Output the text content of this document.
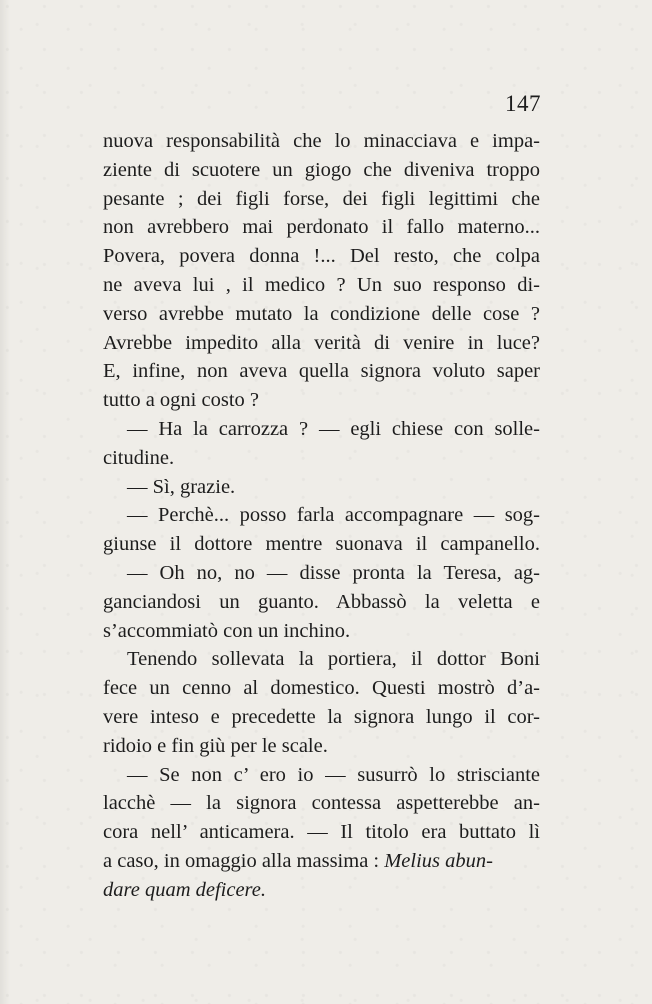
147
nuova responsabilità che lo minacciava e impa-
ziente di scuotere un giogo che diveniva troppo
pesante ; dei figli forse, dei figli legittimi che
non avrebbero mai perdonato il fallo materno...
Povera, povera donna !... Del resto, che colpa
ne aveva lui , il medico ? Un suo responso di-
verso avrebbe mutato la condizione delle cose ?
Avrebbe impedito alla verità di venire in luce?
E, infine, non aveva quella signora voluto saper
tutto a ogni costo ?
— Ha la carrozza ? — egli chiese con solle-
citudine.
— Sì, grazie.
— Perchè... posso farla accompagnare — sog-
giunse il dottore mentre suonava il campanello.
— Oh no, no — disse pronta la Teresa, ag-
ganciandosi un guanto. Abbassò la veletta e
s’accommiatò con un inchino.
Tenendo sollevata la portiera, il dottor Boni
fece un cenno al domestico. Questi mostrò d’a-
vere inteso e precedette la signora lungo il cor-
ridoio e fin giù per le scale.
— Se non c’ ero io — susurrò lo strisciante
lacchè — la signora contessa aspetterebbe an-
cora nell’ anticamera. — Il titolo era buttato lì
a caso, in omaggio alla massima : Melius abun-
dare quam deficere.
